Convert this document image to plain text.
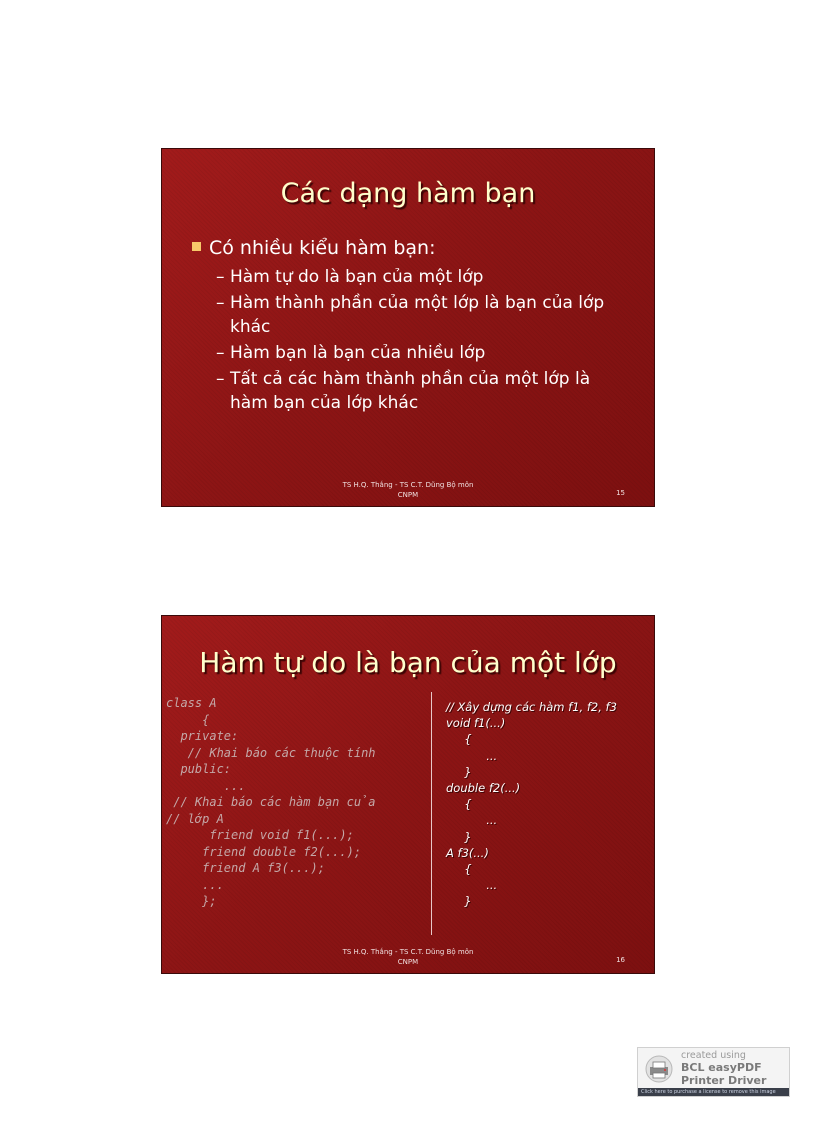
Các dạng hàm bạn
Có nhiều kiểu hàm bạn:
– Hàm tự do là bạn của một lớp
– Hàm thành phần của một lớp là bạn của lớp khác
– Hàm bạn là bạn của nhiều lớp
– Tất cả các hàm thành phần của một lớp là hàm bạn của lớp khác
TS H.Q. Thắng - TS C.T. Dũng Bộ môn
CNPM	15
Hàm tự do là bạn của một lớp
class A
{
private:
// Khai báo các thuộc tính
public:
...
// Khai báo các hàm bạn của
// lớp A
friend void f1(...);
friend double f2(...);
friend A f3(...);
...
};
// Xây dựng các hàm f1, f2, f3
void f1(...)
{
...
}
double f2(...)
{
...
}
A f3(...)
{
...
}
TS H.Q. Thắng - TS C.T. Dũng Bộ môn
CNPM	16
created using
BCL easyPDF
Printer Driver
Click here to purchase a license to remove this image
